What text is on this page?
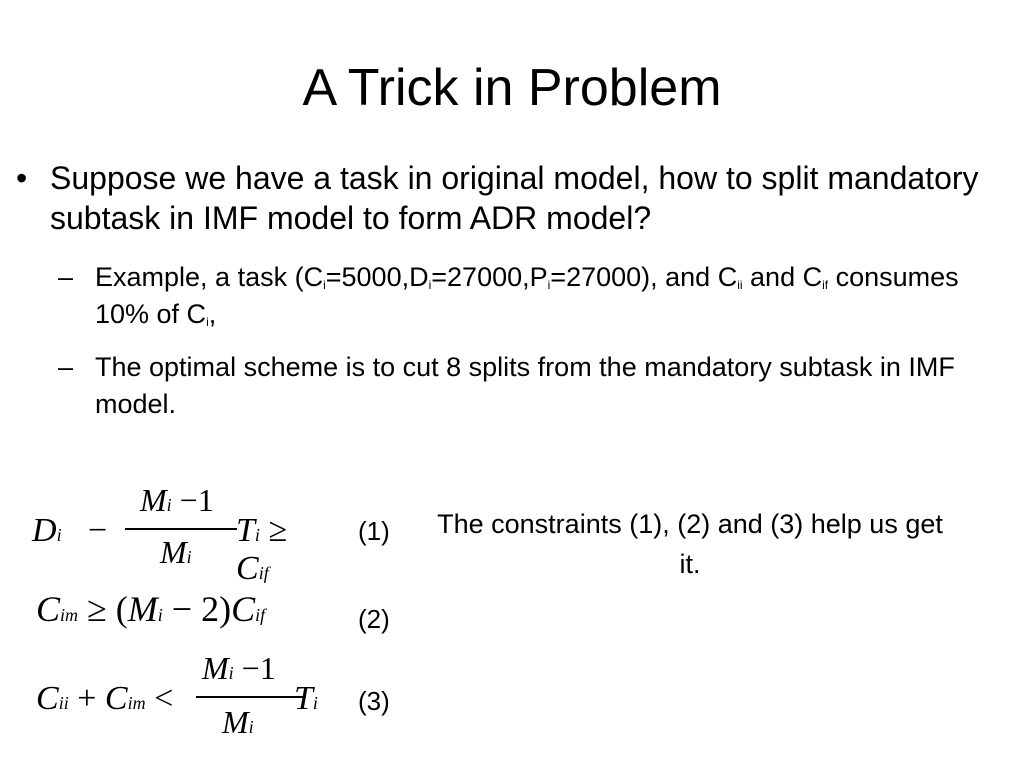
A Trick in Problem
• Suppose we have a task in original model, how to split mandatory subtask in IMF model to form ADR model?
– Example, a task $(C_i=5000,D_i=27000,P_i=27000)$, and $C_{ii}$ and $C_{if}$ consumes 10% of $C_i$,
– The optimal scheme is to cut 8 splits from the mandatory subtask in IMF model.
Di −
Mi −1
Mi
Ti ≥ Cif
(1)
Cim ≥ (Mi − 2)Cif	(2)
Cii + Cim <
Mi −1
Mi
Ti (3)
The constraints (1), (2) and (3) help us get it.
